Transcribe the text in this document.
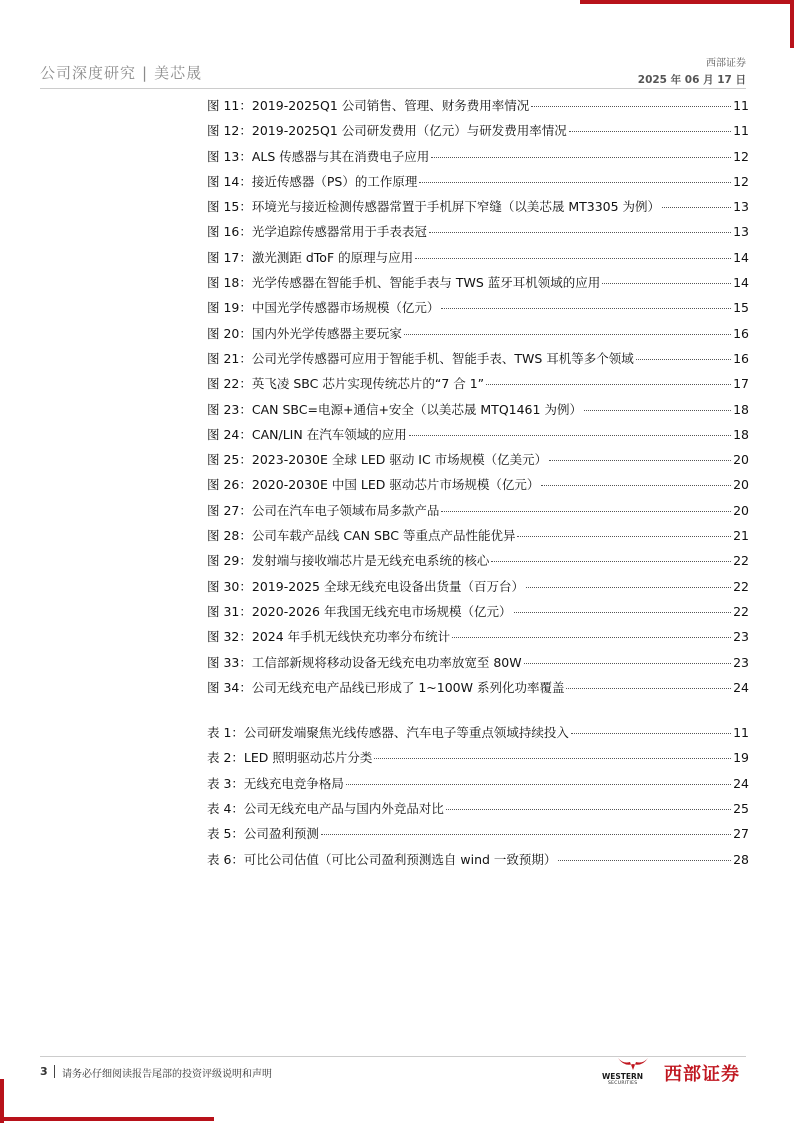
公司深度研究 | 美芯晟
西部证券
2025 年 06 月 17 日
图 11：2019-2025Q1 公司销售、管理、财务费用率情况	11
图 12：2019-2025Q1 公司研发费用（亿元）与研发费用率情况	11
图 13：ALS 传感器与其在消费电子应用	12
图 14：接近传感器（PS）的工作原理	12
图 15：环境光与接近检测传感器常置于手机屏下窄缝（以美芯晟 MT3305 为例）	13
图 16：光学追踪传感器常用于手表表冠	13
图 17：激光测距 dToF 的原理与应用	14
图 18：光学传感器在智能手机、智能手表与 TWS 蓝牙耳机领域的应用	14
图 19：中国光学传感器市场规模（亿元）	15
图 20：国内外光学传感器主要玩家	16
图 21：公司光学传感器可应用于智能手机、智能手表、TWS 耳机等多个领域	16
图 22：英飞凌 SBC 芯片实现传统芯片的“7 合 1”	17
图 23：CAN SBC=电源+通信+安全（以美芯晟 MTQ1461 为例）	18
图 24：CAN/LIN 在汽车领域的应用	18
图 25：2023-2030E 全球 LED 驱动 IC 市场规模（亿美元）	20
图 26：2020-2030E 中国 LED 驱动芯片市场规模（亿元）	20
图 27：公司在汽车电子领域布局多款产品	20
图 28：公司车载产品线 CAN SBC 等重点产品性能优异	21
图 29：发射端与接收端芯片是无线充电系统的核心	22
图 30：2019-2025 全球无线充电设备出货量（百万台）	22
图 31：2020-2026 年我国无线充电市场规模（亿元）	22
图 32：2024 年手机无线快充功率分布统计	23
图 33：工信部新规将移动设备无线充电功率放宽至 80W	23
图 34：公司无线充电产品线已形成了 1~100W 系列化功率覆盖	24
表 1：公司研发端聚焦光线传感器、汽车电子等重点领域持续投入	11
表 2：LED 照明驱动芯片分类	19
表 3：无线充电竞争格局	24
表 4：公司无线充电产品与国内外竞品对比	25
表 5：公司盈利预测	27
表 6：可比公司估值（可比公司盈利预测选自 wind 一致预期）	28
3 请务必仔细阅读报告尾部的投资评级说明和声明	WESTERN
SECURITIES 西部证券
